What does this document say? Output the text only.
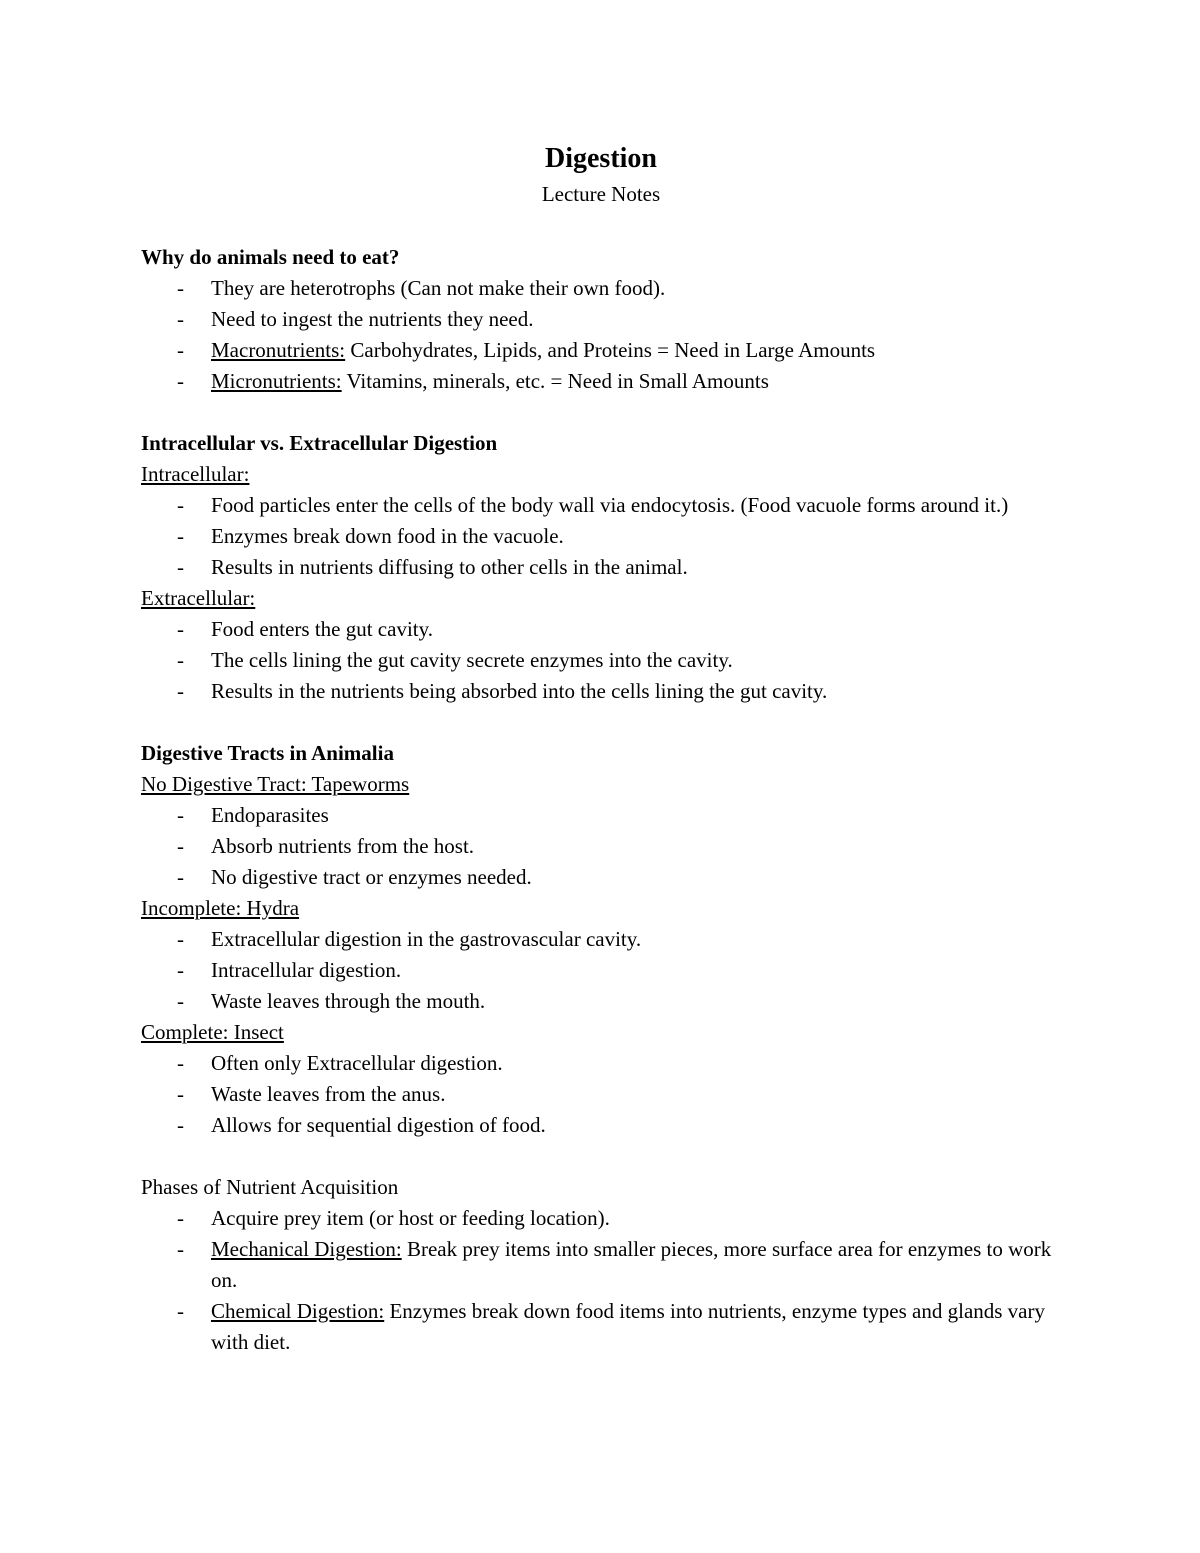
Digestion

Lecture Notes

Why do animals need to eat?

- They are heterotrophs (Can not make their own food).
- Need to ingest the nutrients they need.
- Macronutrients: Carbohydrates, Lipids, and Proteins = Need in Large Amounts
- Micronutrients: Vitamins, minerals, etc. = Need in Small Amounts

Intracellular vs. Extracellular Digestion

Intracellular:

- Food particles enter the cells of the body wall via endocytosis. (Food vacuole forms around it.)
- Enzymes break down food in the vacuole.
- Results in nutrients diffusing to other cells in the animal.

Extracellular:

- Food enters the gut cavity.
- The cells lining the gut cavity secrete enzymes into the cavity.
- Results in the nutrients being absorbed into the cells lining the gut cavity.

Digestive Tracts in Animalia

No Digestive Tract: Tapeworms

- Endoparasites
- Absorb nutrients from the host.
- No digestive tract or enzymes needed.

Incomplete: Hydra

- Extracellular digestion in the gastrovascular cavity.
- Intracellular digestion.
- Waste leaves through the mouth.

Complete: Insect

- Often only Extracellular digestion.
- Waste leaves from the anus.
- Allows for sequential digestion of food.

Phases of Nutrient Acquisition

- Acquire prey item (or host or feeding location).
- Mechanical Digestion: Break prey items into smaller pieces, more surface area for enzymes to work on.
- Chemical Digestion: Enzymes break down food items into nutrients, enzyme types and glands vary with diet.
